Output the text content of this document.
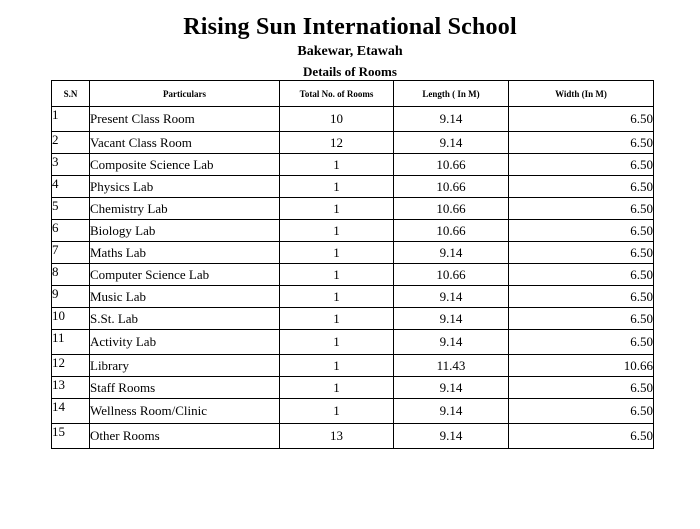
Rising Sun International School
Bakewar, Etawah
Details of Rooms
S.N	Particulars	Total No. of Rooms	Length ( In M)	Width (In M)
1	Present Class Room	10	9.14	6.50
2	Vacant Class Room	12	9.14	6.50
3	Composite Science Lab	1	10.66	6.50
4	Physics Lab	1	10.66	6.50
5	Chemistry Lab	1	10.66	6.50
6	Biology Lab	1	10.66	6.50
7	Maths Lab	1	9.14	6.50
8	Computer Science Lab	1	10.66	6.50
9	Music Lab	1	9.14	6.50
10	S.St. Lab	1	9.14	6.50
11	Activity Lab	1	9.14	6.50
12	Library	1	11.43	10.66
13	Staff Rooms	1	9.14	6.50
14	Wellness Room/Clinic	1	9.14	6.50
15	Other Rooms	13	9.14	6.50
